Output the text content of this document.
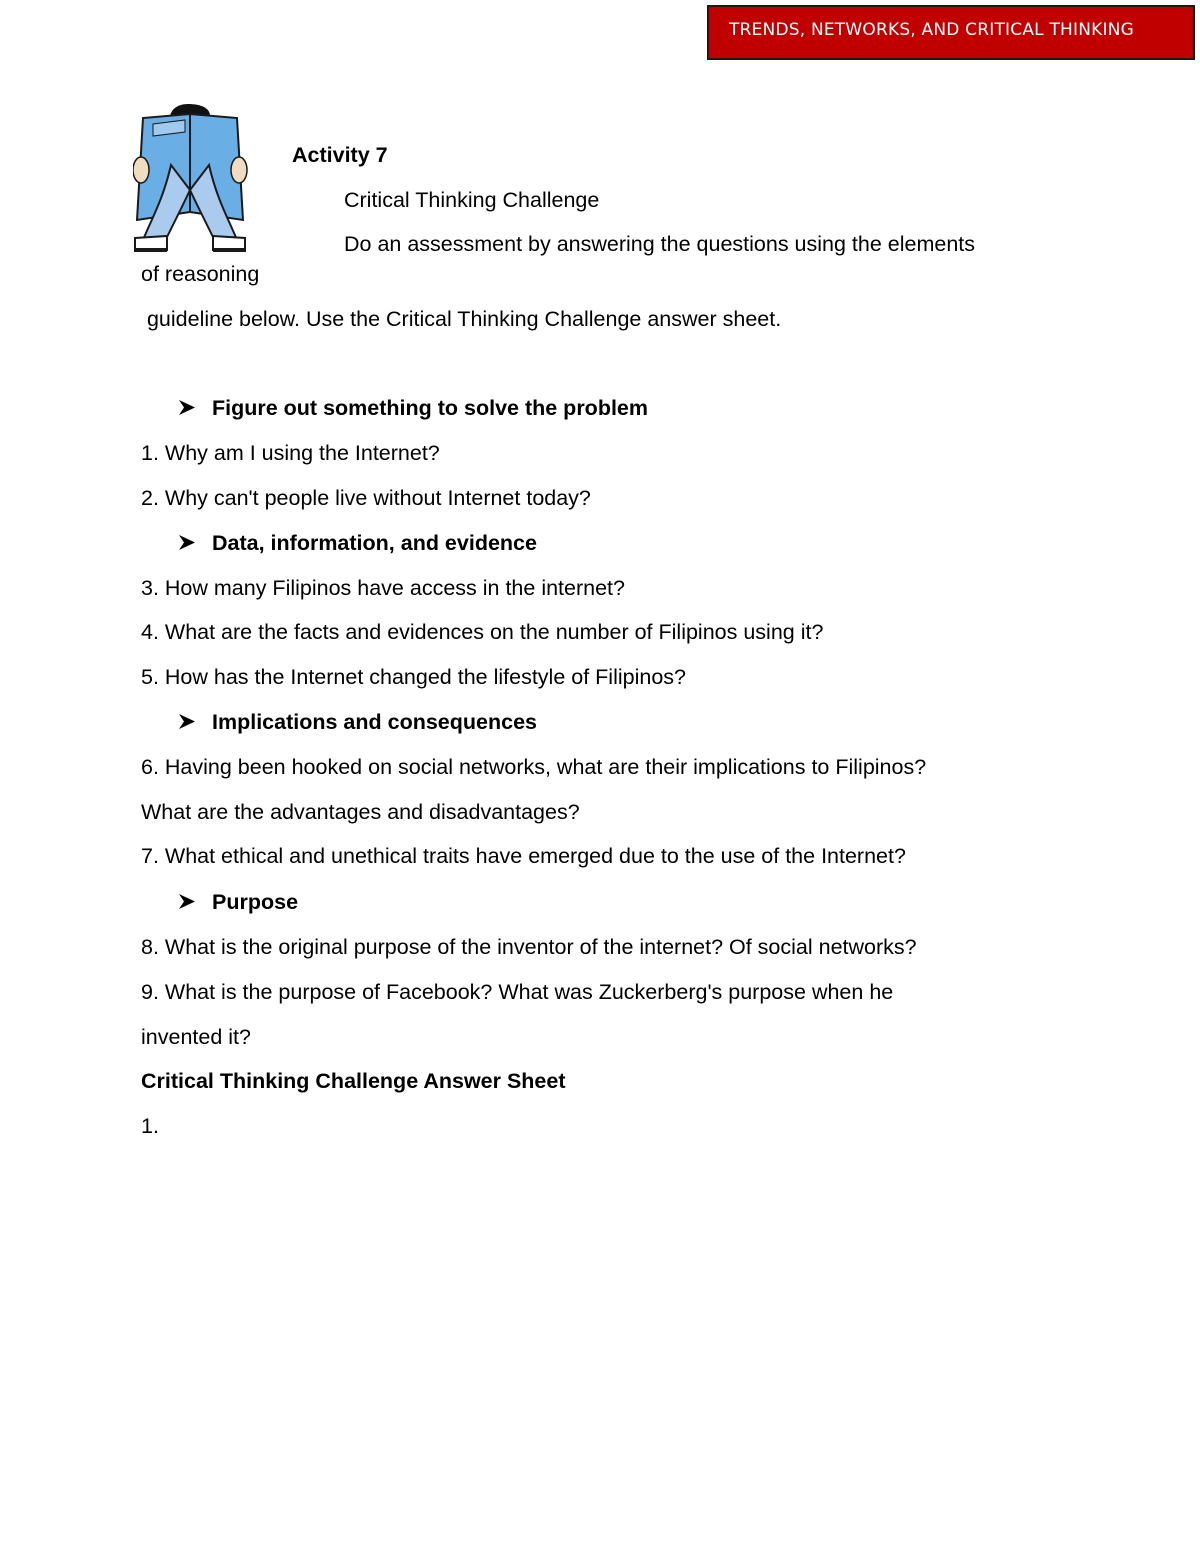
TRENDS, NETWORKS, AND CRITICAL THINKING
Activity 7
Critical Thinking Challenge
Do an assessment by answering the questions using the elements
of reasoning
guideline below. Use the Critical Thinking Challenge answer sheet.
Figure out something to solve the problem
1. Why am I using the Internet?
2. Why can't people live without Internet today?
Data, information, and evidence
3. How many Filipinos have access in the internet?
4. What are the facts and evidences on the number of Filipinos using it?
5. How has the Internet changed the lifestyle of Filipinos?
Implications and consequences
6. Having been hooked on social networks, what are their implications to Filipinos?
What are the advantages and disadvantages?
7. What ethical and unethical traits have emerged due to the use of the Internet?
Purpose
8. What is the original purpose of the inventor of the internet? Of social networks?
9. What is the purpose of Facebook? What was Zuckerberg's purpose when he
invented it?
Critical Thinking Challenge Answer Sheet
1.
